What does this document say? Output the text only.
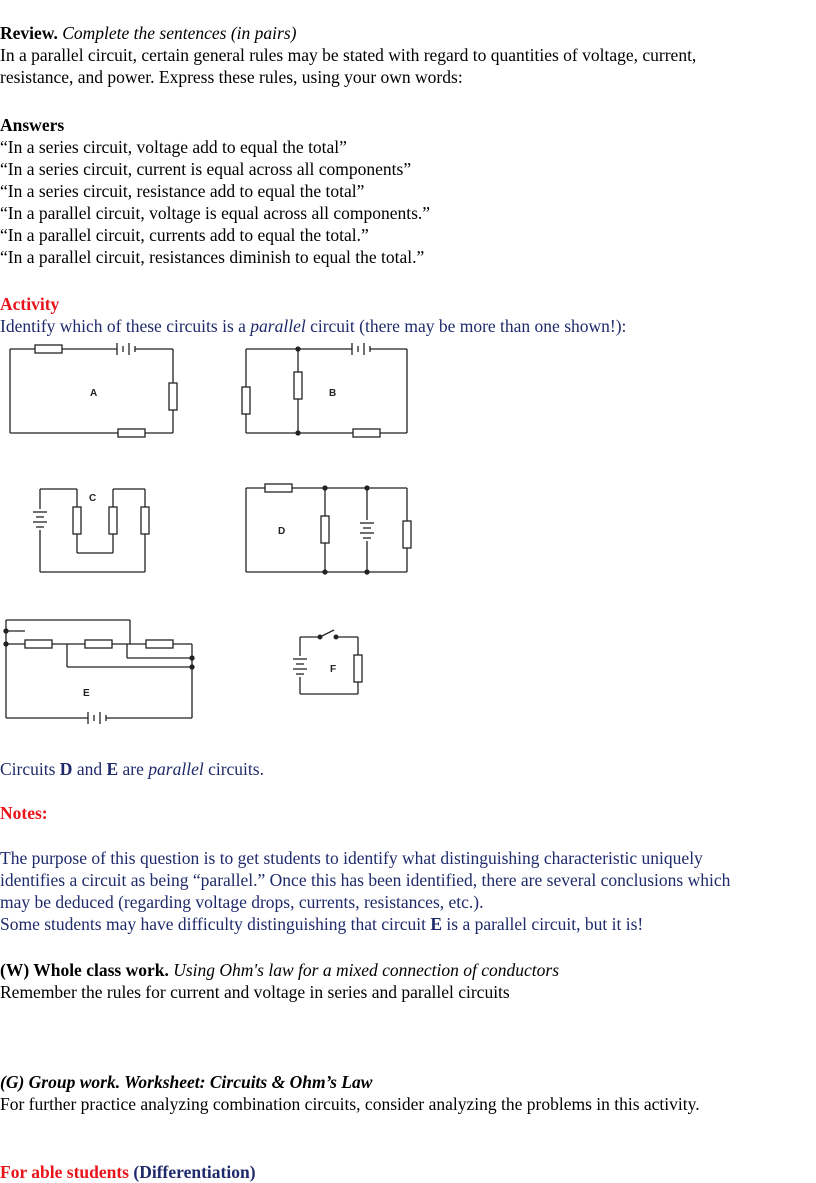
Review. Complete the sentences (in pairs)
In a parallel circuit, certain general rules may be stated with regard to quantities of voltage, current,
resistance, and power. Express these rules, using your own words:
Answers
“In a series circuit, voltage add to equal the total”
“In a series circuit, current is equal across all components”
“In a series circuit, resistance add to equal the total”
“In a parallel circuit, voltage is equal across all components.”
“In a parallel circuit, currents add to equal the total.”
“In a parallel circuit, resistances diminish to equal the total.”
Activity
Identify which of these circuits is a parallel circuit (there may be more than one shown!):
A	B
C
D
E
F
Circuits D and E are parallel circuits.
Notes:
The purpose of this question is to get students to identify what distinguishing characteristic uniquely
identifies a circuit as being “parallel.” Once this has been identified, there are several conclusions which
may be deduced (regarding voltage drops, currents, resistances, etc.).
Some students may have difficulty distinguishing that circuit E is a parallel circuit, but it is!
(W) Whole class work. Using Ohm's law for a mixed connection of conductors
Remember the rules for current and voltage in series and parallel circuits
(G) Group work. Worksheet: Circuits & Ohm’s Law
For further practice analyzing combination circuits, consider analyzing the problems in this activity.
For able students (Differentiation)
